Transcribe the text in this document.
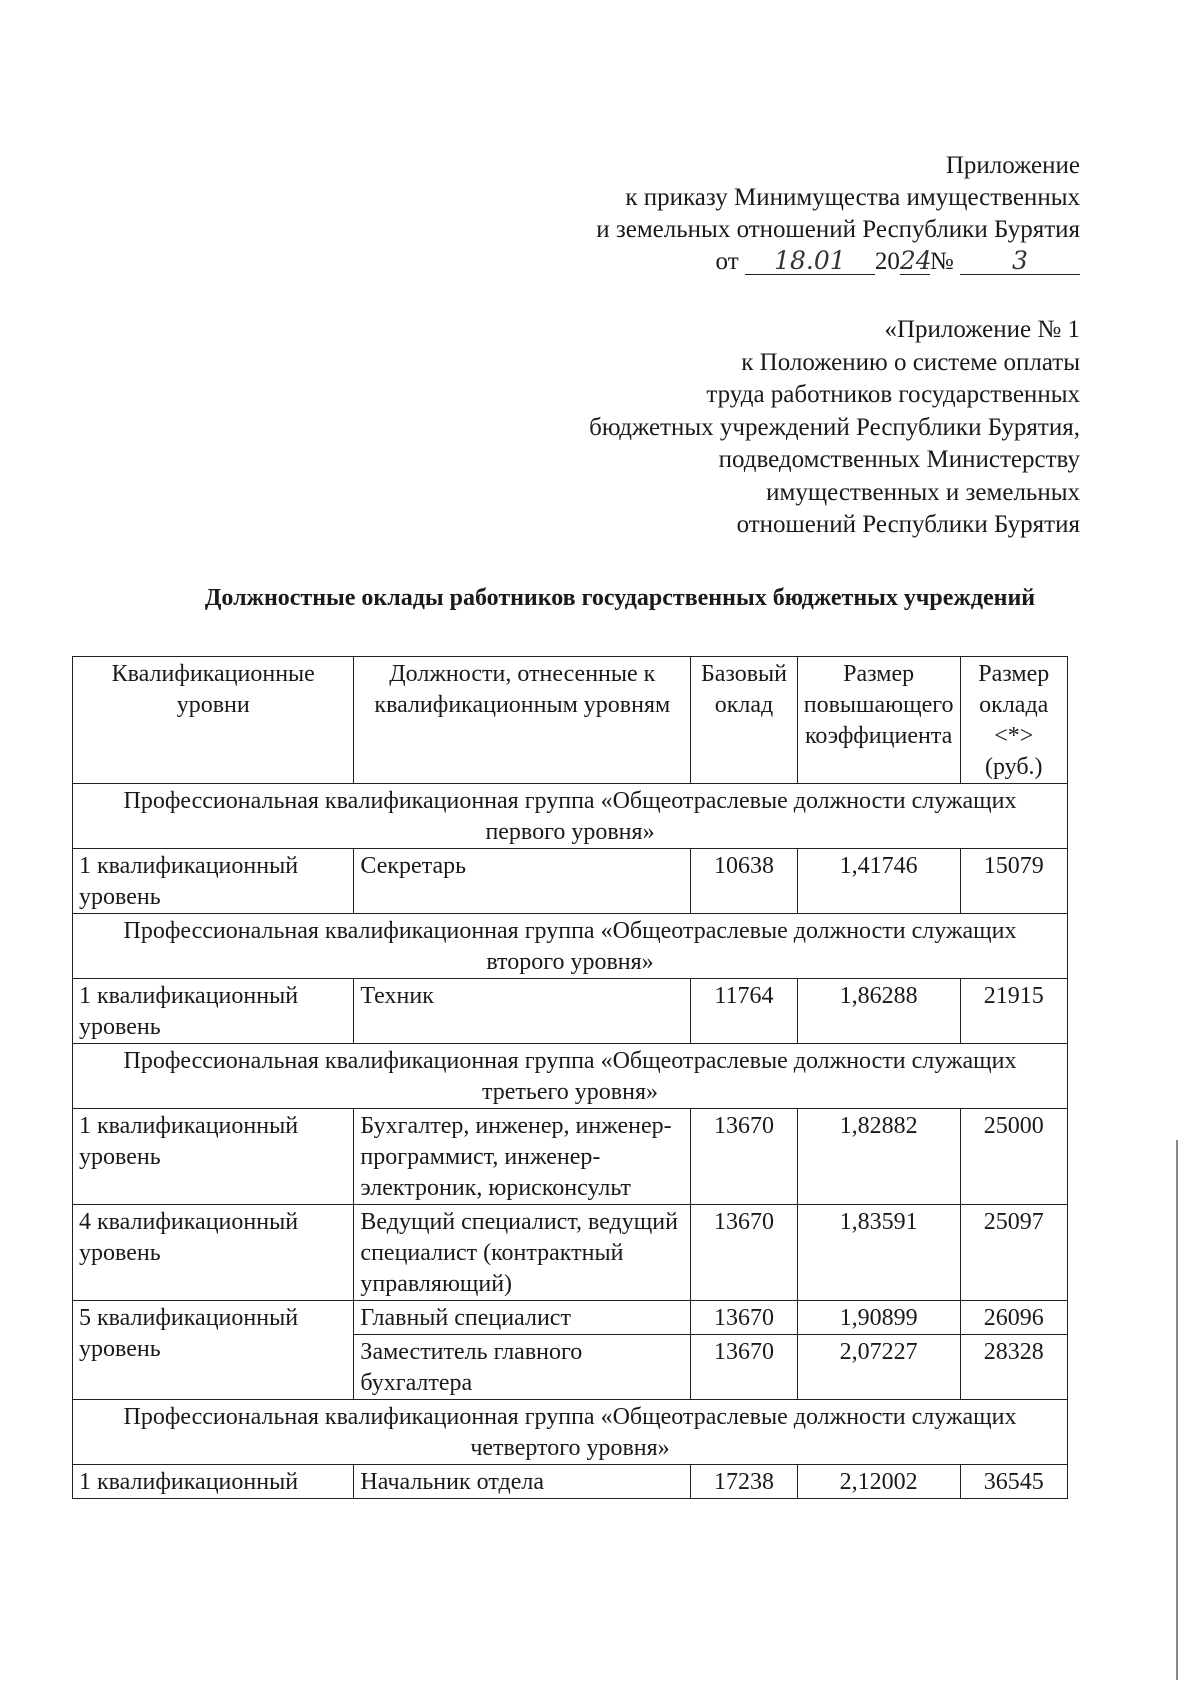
Приложение
к приказу Минимущества имущественных
и земельных отношений Республики Бурятия
от 18.01 2024№ 3
«Приложение № 1
к Положению о системе оплаты
труда работников государственных
бюджетных учреждений Республики Бурятия,
подведомственных Министерству
имущественных и земельных
отношений Республики Бурятия
Должностные оклады работников государственных бюджетных учреждений
Квалификационные уровни	Должности, отнесенные к квалификационным уровням	Базовый оклад	Размер повышающего коэффициента	Размер оклада <*> (руб.)
Профессиональная квалификационная группа «Общеотраслевые должности служащих первого уровня»				
1 квалификационный уровень	Секретарь	10638	1,41746	15079
Профессиональная квалификационная группа «Общеотраслевые должности служащих второго уровня»				
1 квалификационный уровень	Техник	11764	1,86288	21915
Профессиональная квалификационная группа «Общеотраслевые должности служащих третьего уровня»				
1 квалификационный уровень	Бухгалтер, инженер, инженер-программист, инженер-электроник, юрисконсульт	13670	1,82882	25000
4 квалификационный уровень	Ведущий специалист, ведущий специалист (контрактный управляющий)	13670	1,83591	25097
5 квалификационный уровень	Главный специалист	13670	1,90899	26096
	Заместитель главного бухгалтера	13670	2,07227	28328
Профессиональная квалификационная группа «Общеотраслевые должности служащих четвертого уровня»				
1 квалификационный	Начальник отдела	17238	2,12002	36545
